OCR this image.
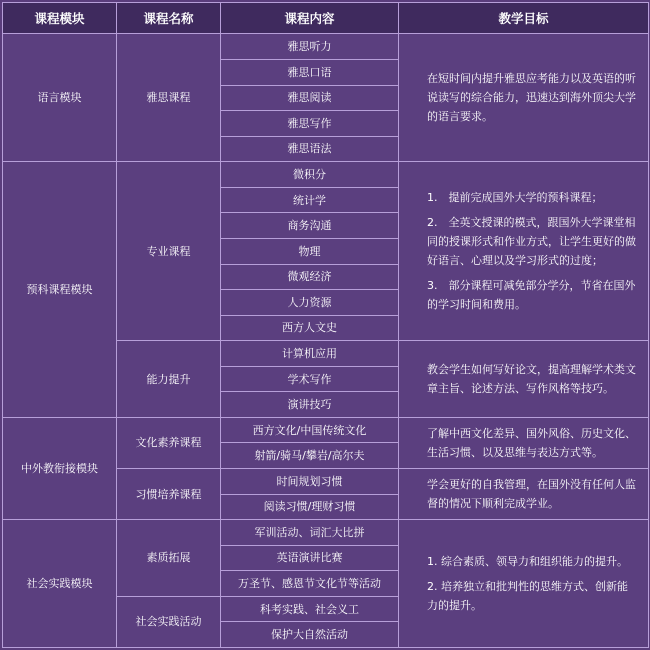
课程模块	课程名称	课程内容	教学目标
语言模块	雅思课程	雅思听力	在短时间内提升雅思应考能力以及英语的听说读写的综合能力，迅速达到海外顶尖大学的语言要求。

		雅思口语	
		雅思阅读	
		雅思写作	
		雅思语法	
预科课程模块	专业课程	微积分	1.　提前完成国外大学的预科课程；
2.　全英文授课的模式，跟国外大学课堂相同的授课形式和作业方式，让学生更好的做好语言、心理以及学习形式的过度；
3.　部分课程可减免部分学分，节省在国外的学习时间和费用。

		统计学	
		商务沟通	
		物理	
		微观经济	
		人力资源	
		西方人文史	
	能力提升	计算机应用	教会学生如何写好论文，提高理解学术类文章主旨、论述方法、写作风格等技巧。

		学术写作	
		演讲技巧	
中外教衔接模块	文化素养课程	西方文化/中国传统文化	了解中西文化差异、国外风俗、历史文化、生活习惯、以及思维与表达方式等。

		射箭/骑马/攀岩/高尔夫	
	习惯培养课程	时间规划习惯	学会更好的自我管理，在国外没有任何人监督的情况下顺利完成学业。

		阅读习惯/理财习惯	
社会实践模块	素质拓展	军训活动、词汇大比拼	1. 综合素质、领导力和组织能力的提升。
2. 培养独立和批判性的思维方式、创新能力的提升。

		英语演讲比赛	
		万圣节、感恩节文化节等活动	
	社会实践活动	科考实践、社会义工	
		保护大自然活动	
